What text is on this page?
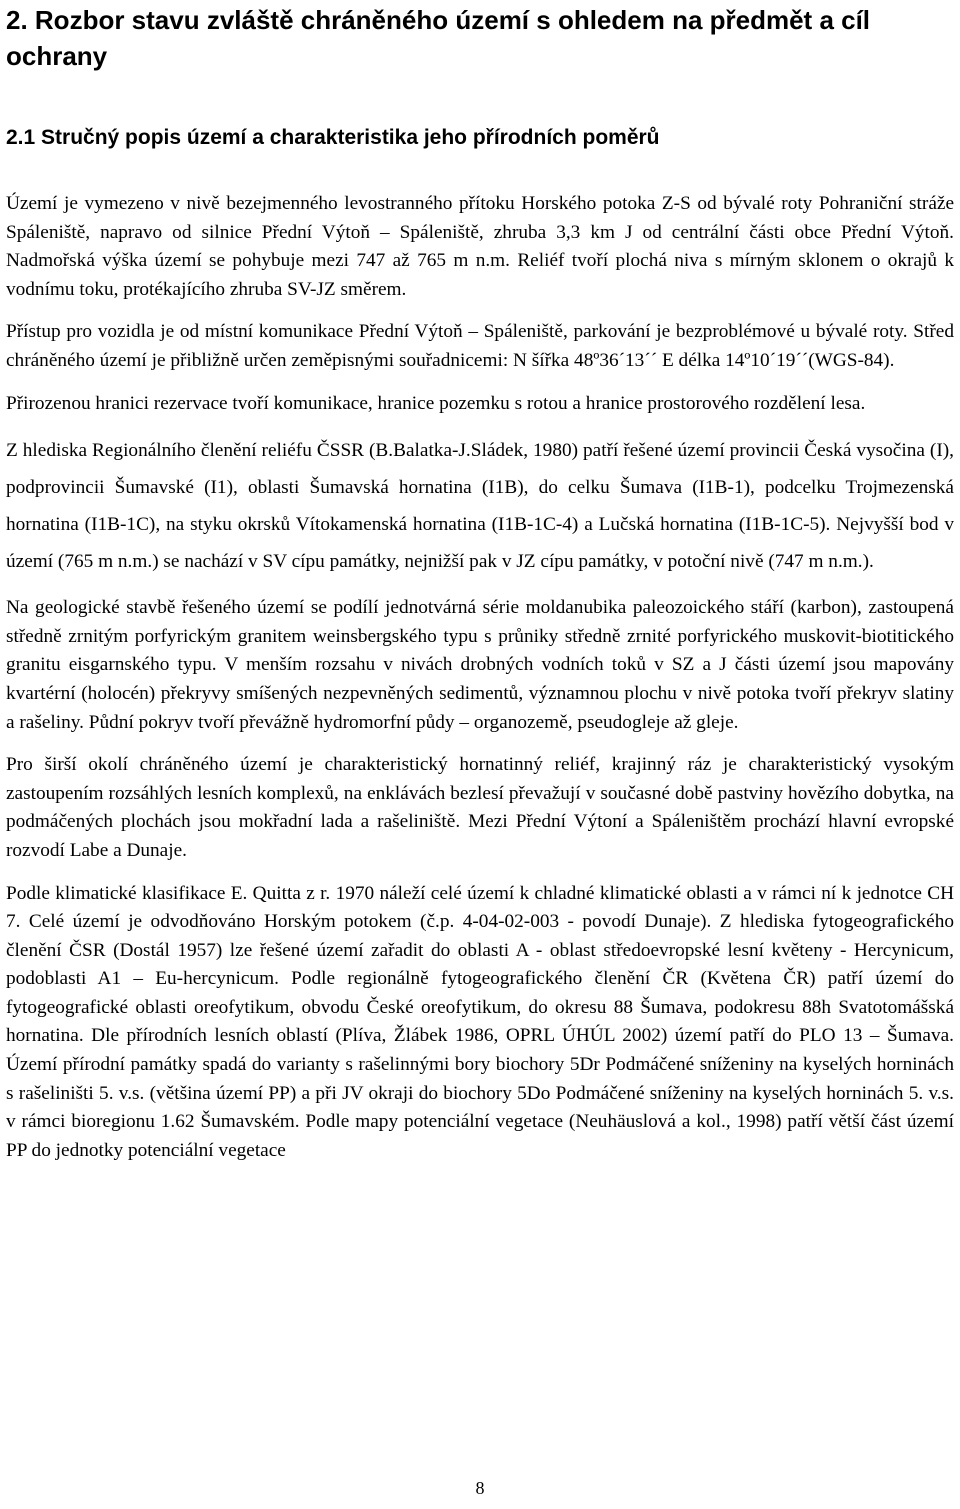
2. Rozbor stavu zvláště chráněného území s ohledem na předmět a cíl ochrany
2.1 Stručný popis území a charakteristika jeho přírodních poměrů

Území je vymezeno v nivě bezejmenného levostranného přítoku Horského potoka Z-S od bývalé roty Pohraniční stráže Spáleniště, napravo od silnice Přední Výtoň – Spáleniště, zhruba 3,3 km J od centrální části obce Přední Výtoň. Nadmořská výška území se pohybuje mezi 747 až 765 m n.m. Reliéf tvoří plochá niva s mírným sklonem o okrajů k vodnímu toku, protékajícího zhruba SV-JZ směrem.

Přístup pro vozidla je od místní komunikace Přední Výtoň – Spáleniště, parkování je bezproblémové u bývalé roty. Střed chráněného území je přibližně určen zeměpisnými souřadnicemi: N šířka 48º36´13´´ E délka 14º10´19´´(WGS-84).

Přirozenou hranici rezervace tvoří komunikace, hranice pozemku s rotou a hranice prostorového rozdělení lesa.

Z hlediska Regionálního členění reliéfu ČSSR (B.Balatka-J.Sládek, 1980) patří řešené území provincii Česká vysočina (I), podprovincii Šumavské (I1), oblasti Šumavská hornatina (I1B), do celku Šumava (I1B-1), podcelku Trojmezenská hornatina (I1B-1C), na styku okrsků Vítokamenská hornatina (I1B-1C-4) a Lučská hornatina (I1B-1C-5). Nejvyšší bod v území (765 m n.m.) se nachází v SV cípu památky, nejnižší pak v JZ cípu památky, v potoční nivě (747 m n.m.).

Na geologické stavbě řešeného území se podílí jednotvárná série moldanubika paleozoického stáří (karbon), zastoupená středně zrnitým porfyrickým granitem weinsbergského typu s průniky středně zrnité porfyrického muskovit-biotitického granitu eisgarnského typu. V menším rozsahu v nivách drobných vodních toků v SZ a J části území jsou mapovány kvartérní (holocén) překryvy smíšených nezpevněných sedimentů, významnou plochu v nivě potoka tvoří překryv slatiny a rašeliny. Půdní pokryv tvoří převážně hydromorfní půdy – organozemě, pseudogleje až gleje.

Pro širší okolí chráněného území je charakteristický hornatinný reliéf, krajinný ráz je charakteristický vysokým zastoupením rozsáhlých lesních komplexů, na enklávách bezlesí převažují v současné době pastviny hovězího dobytka, na podmáčených plochách jsou mokřadní lada a rašeliniště. Mezi Přední Výtoní a Spáleništěm prochází hlavní evropské rozvodí Labe a Dunaje.

Podle klimatické klasifikace E. Quitta z r. 1970 náleží celé území k chladné klimatické oblasti a v rámci ní k jednotce CH 7. Celé území je odvodňováno Horským potokem (č.p. 4-04-02-003 - povodí Dunaje). Z hlediska fytogeografického členění ČSR (Dostál 1957) lze řešené území zařadit do oblasti A - oblast středoevropské lesní květeny - Hercynicum, podoblasti A1 – Eu-hercynicum. Podle regionálně fytogeografického členění ČR (Květena ČR) patří území do fytogeografické oblasti oreofytikum, obvodu České oreofytikum, do okresu 88 Šumava, podokresu 88h Svatotomášská hornatina. Dle přírodních lesních oblastí (Plíva, Žlábek 1986, OPRL ÚHÚL 2002) území patří do PLO 13 – Šumava. Území přírodní památky spadá do varianty s rašelinnými bory biochory 5Dr Podmáčené sníženiny na kyselých horninách s rašeliništi 5. v.s. (většina území PP) a při JV okraji do biochory 5Do Podmáčené sníženiny na kyselých horninách 5. v.s. v rámci bioregionu 1.62 Šumavském. Podle mapy potenciální vegetace (Neuhäuslová a kol., 1998) patří větší část území PP do jednotky potenciální vegetace

8
